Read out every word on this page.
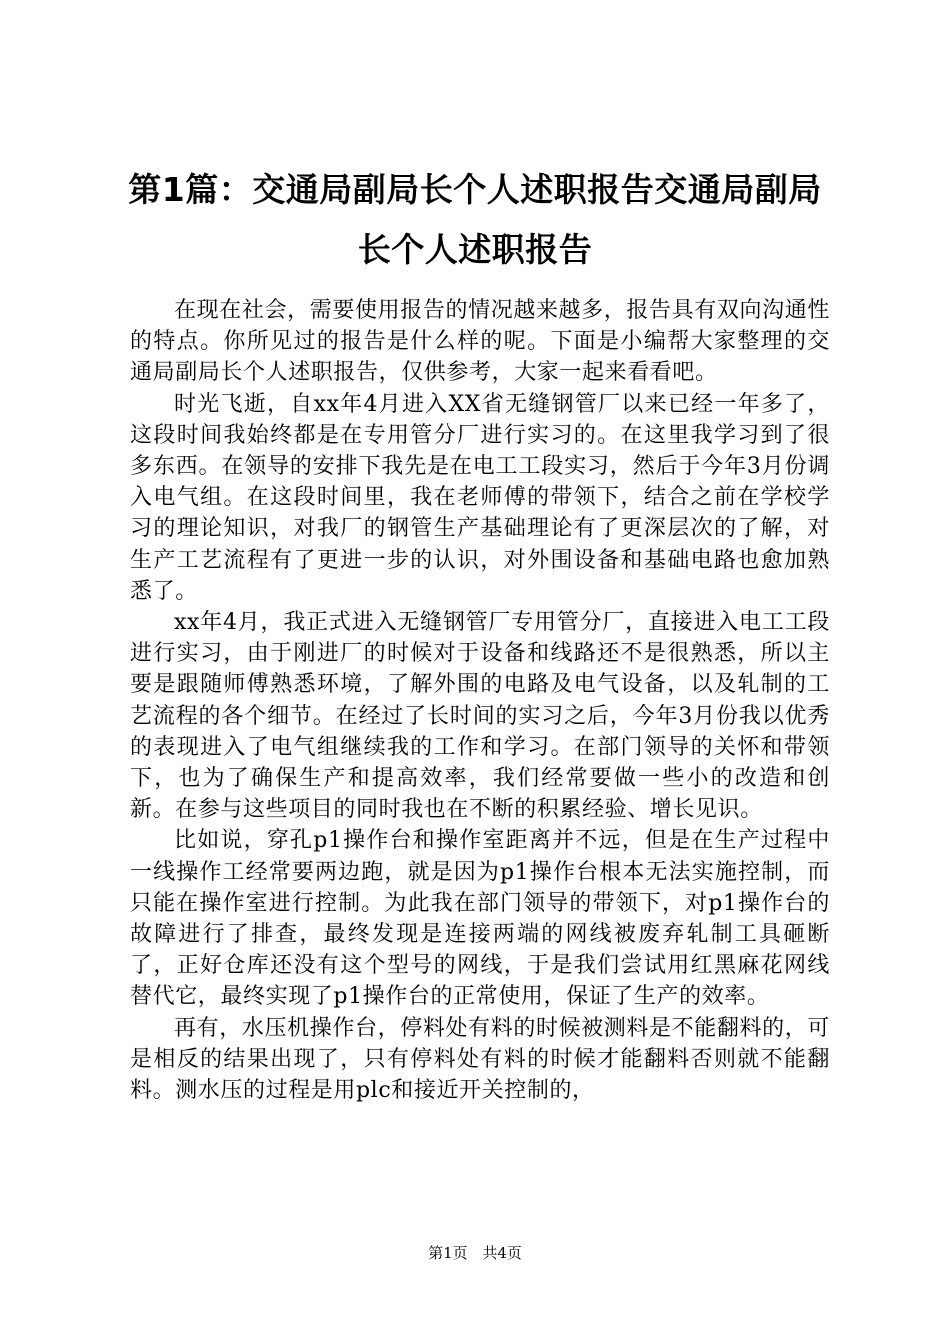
第1篇：交通局副局长个人述职报告交通局副局长个人述职报告

在现在社会，需要使用报告的情况越来越多，报告具有双向沟通性的特点。你所见过的报告是什么样的呢。下面是小编帮大家整理的交通局副局长个人述职报告，仅供参考，大家一起来看看吧。

时光飞逝，自xx年4月进入XX省无缝钢管厂以来已经一年多了，这段时间我始终都是在专用管分厂进行实习的。在这里我学习到了很多东西。在领导的安排下我先是在电工工段实习，然后于今年3月份调入电气组。在这段时间里，我在老师傅的带领下，结合之前在学校学习的理论知识，对我厂的钢管生产基础理论有了更深层次的了解，对生产工艺流程有了更进一步的认识，对外围设备和基础电路也愈加熟悉了。

xx年4月，我正式进入无缝钢管厂专用管分厂，直接进入电工工段进行实习，由于刚进厂的时候对于设备和线路还不是很熟悉，所以主要是跟随师傅熟悉环境，了解外围的电路及电气设备，以及轧制的工艺流程的各个细节。在经过了长时间的实习之后，今年3月份我以优秀的表现进入了电气组继续我的工作和学习。在部门领导的关怀和带领下，也为了确保生产和提高效率，我们经常要做一些小的改造和创新。在参与这些项目的同时我也在不断的积累经验、增长见识。

比如说，穿孔p1操作台和操作室距离并不远，但是在生产过程中一线操作工经常要两边跑，就是因为p1操作台根本无法实施控制，而只能在操作室进行控制。为此我在部门领导的带领下，对p1操作台的故障进行了排查，最终发现是连接两端的网线被废弃轧制工具砸断了，正好仓库还没有这个型号的网线，于是我们尝试用红黑麻花网线替代它，最终实现了p1操作台的正常使用，保证了生产的效率。

再有，水压机操作台，停料处有料的时候被测料是不能翻料的，可是相反的结果出现了，只有停料处有料的时候才能翻料否则就不能翻料。测水压的过程是用plc和接近开关控制的，

第1页 共4页
